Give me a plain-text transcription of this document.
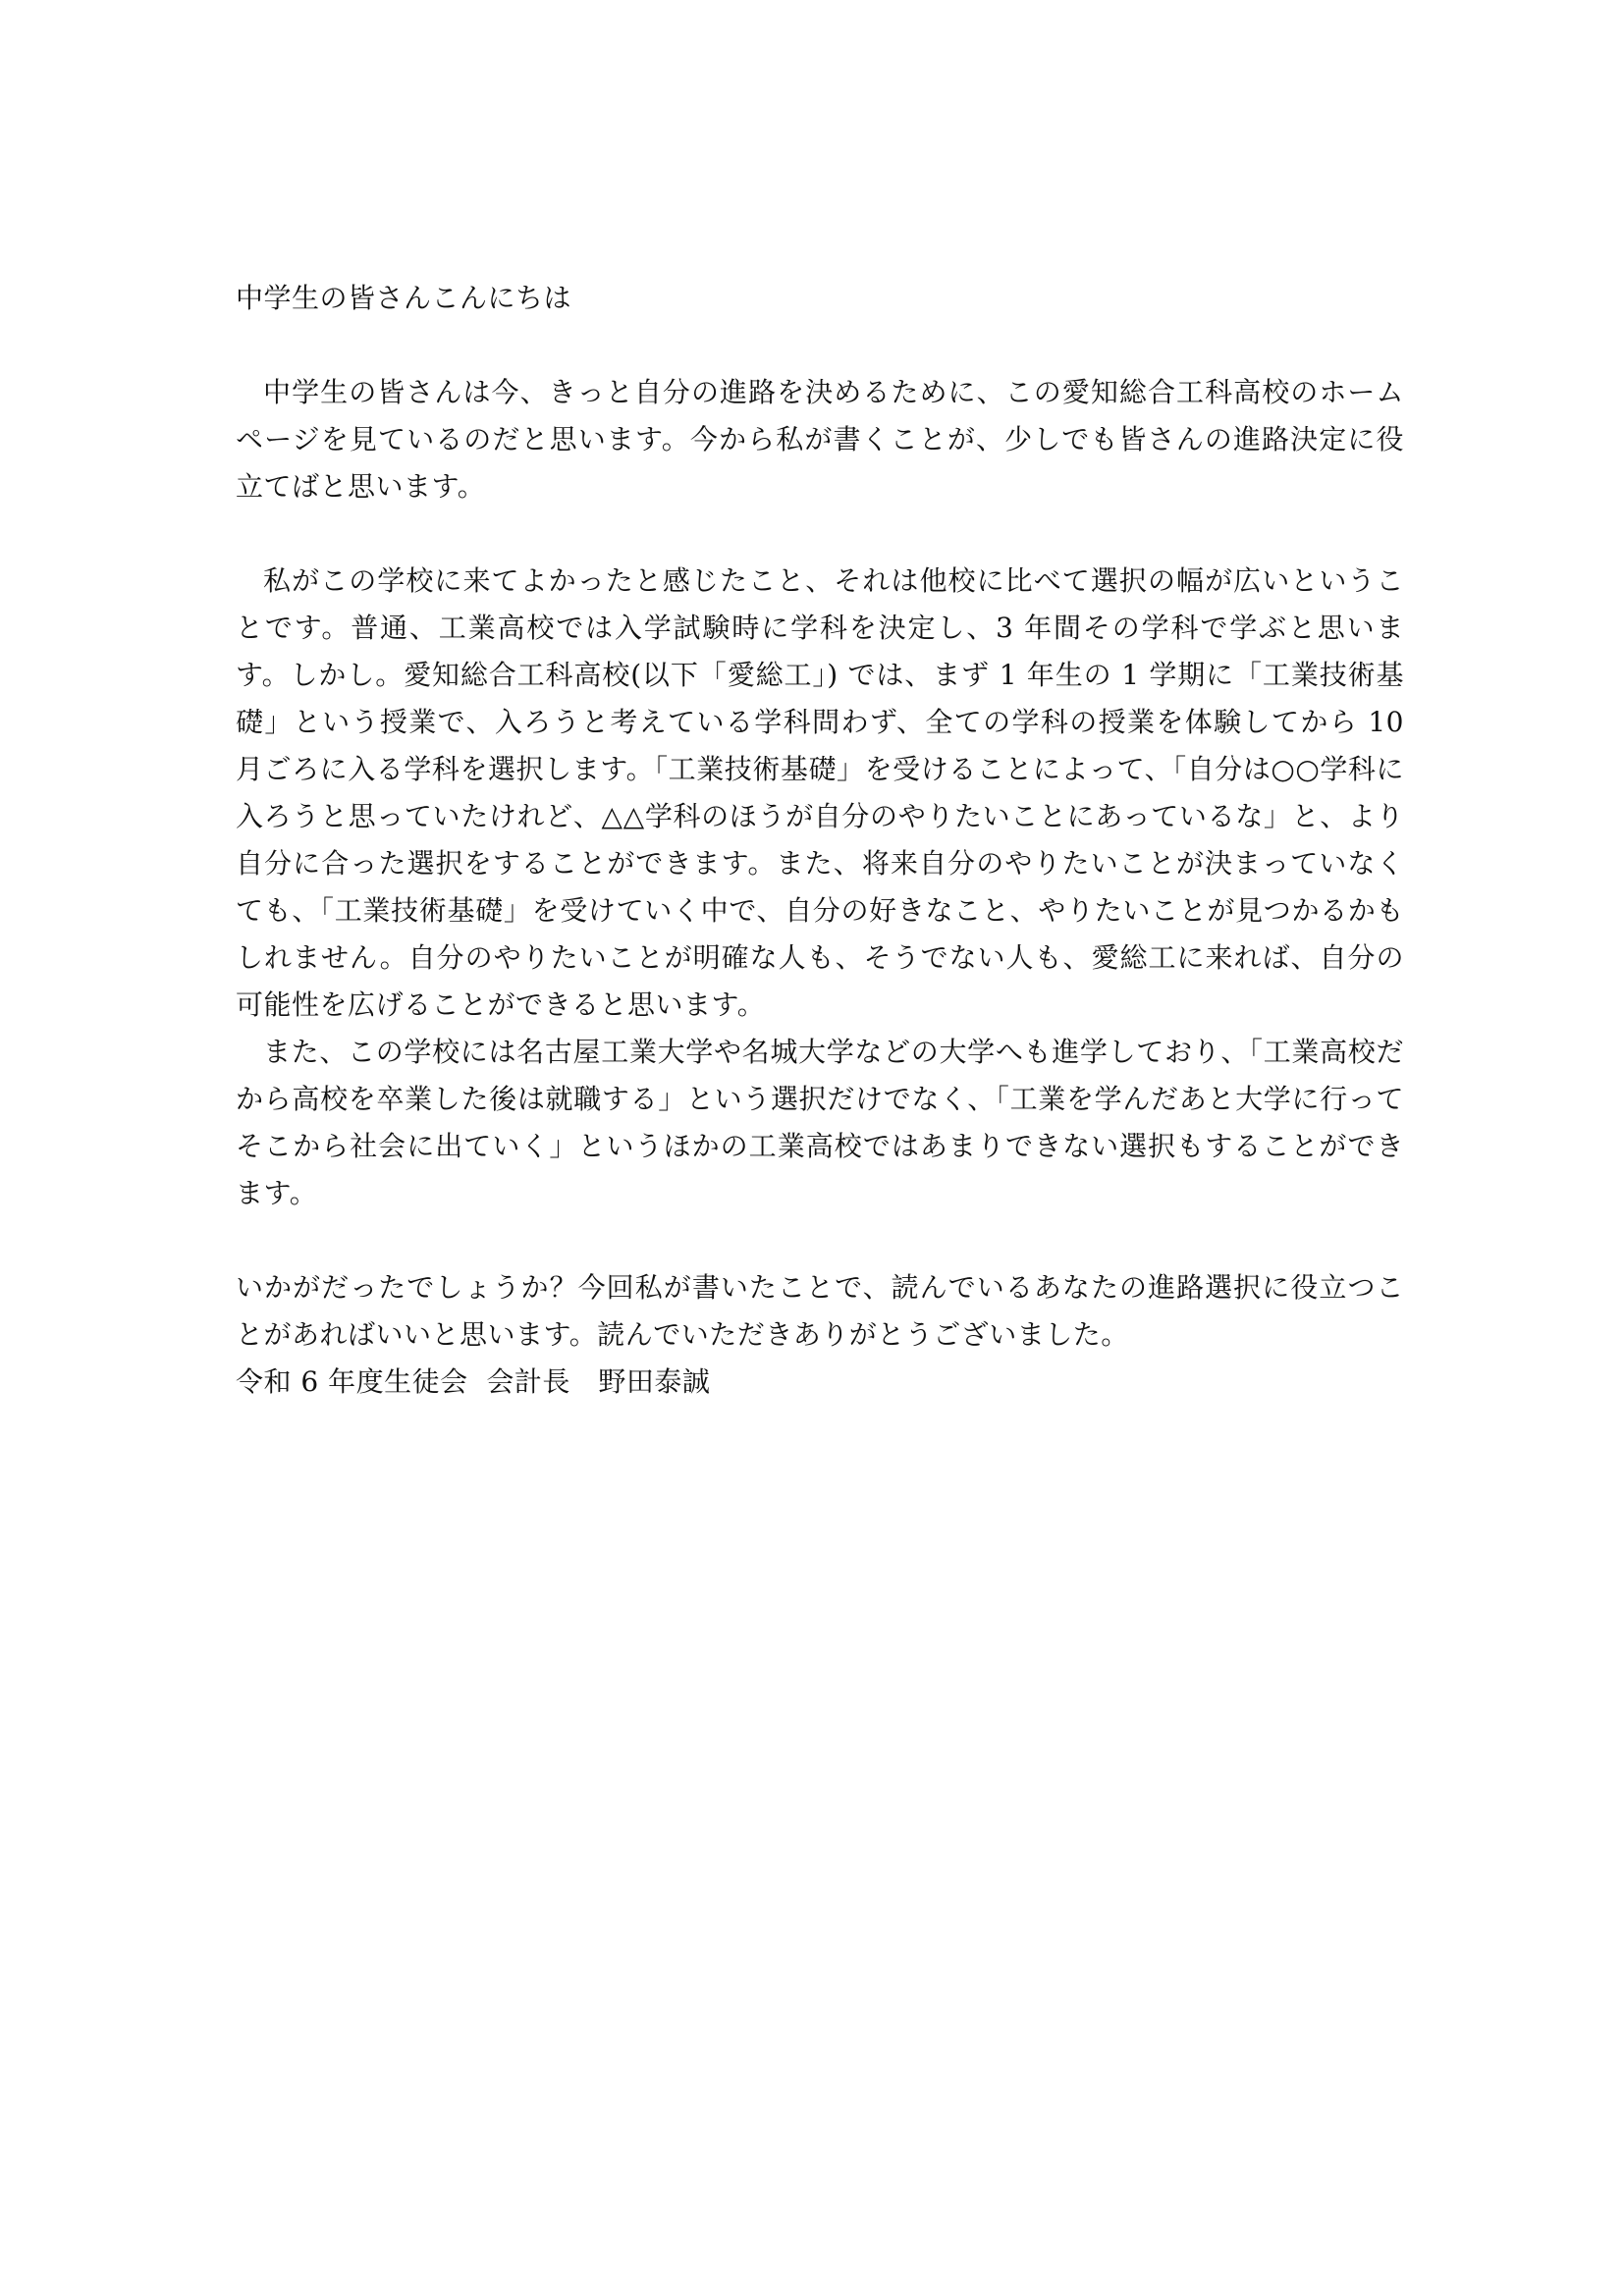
中学生の皆さんこんにちは

中学生の皆さんは今、きっと自分の進路を決めるために、この愛知総合工科高校のホームページを見ているのだと思います。今から私が書くことが、少しでも皆さんの進路決定に役立てばと思います。

私がこの学校に来てよかったと感じたこと、それは他校に比べて選択の幅が広いということです。普通、工業高校では入学試験時に学科を決定し、3 年間その学科で学ぶと思います。しかし。愛知総合工科高校(以下「愛総工」) では、まず 1 年生の 1 学期に「工業技術基礎」という授業で、入ろうと考えている学科問わず、全ての学科の授業を体験してから 10 月ごろに入る学科を選択します。「工業技術基礎」を受けることによって、「自分は○○学科に入ろうと思っていたけれど、△△学科のほうが自分のやりたいことにあっているな」と、より自分に合った選択をすることができます。また、将来自分のやりたいことが決まっていなくても、「工業技術基礎」を受けていく中で、自分の好きなこと、やりたいことが見つかるかもしれません。自分のやりたいことが明確な人も、そうでない人も、愛総工に来れば、自分の可能性を広げることができると思います。

また、この学校には名古屋工業大学や名城大学などの大学へも進学しており、「工業高校だから高校を卒業した後は就職する」という選択だけでなく、「工業を学んだあと大学に行ってそこから社会に出ていく」というほかの工業高校ではあまりできない選択もすることができます。

いかがだったでしょうか？今回私が書いたことで、読んでいるあなたの進路選択に役立つことがあればいいと思います。読んでいただきありがとうございました。

令和 6 年度生徒会  会計長　野田泰誠
